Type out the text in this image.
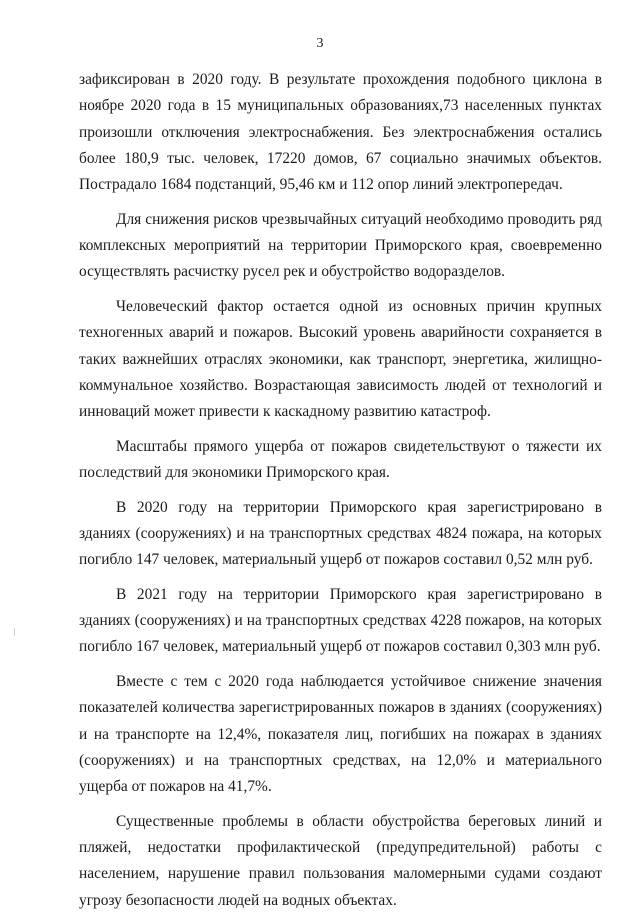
3

зафиксирован в 2020 году. В результате прохождения подобного циклона в ноябре 2020 года в 15 муниципальных образованиях,73 населенных пунктах произошли отключения электроснабжения. Без электроснабжения остались более 180,9 тыс. человек, 17220 домов, 67 социально значимых объектов. Пострадало 1684 подстанций, 95,46 км и 112 опор линий электропередач.

Для снижения рисков чрезвычайных ситуаций необходимо проводить ряд комплексных мероприятий на территории Приморского края, своевременно осуществлять расчистку русел рек и обустройство водоразделов.

Человеческий фактор остается одной из основных причин крупных техногенных аварий и пожаров. Высокий уровень аварийности сохраняется в таких важнейших отраслях экономики, как транспорт, энергетика, жилищно-коммунальное хозяйство. Возрастающая зависимость людей от технологий и инноваций может привести к каскадному развитию катастроф.

Масштабы прямого ущерба от пожаров свидетельствуют о тяжести их последствий для экономики Приморского края.

В 2020 году на территории Приморского края зарегистрировано в зданиях (сооружениях) и на транспортных средствах 4824 пожара, на которых погибло 147 человек, материальный ущерб от пожаров составил 0,52 млн руб.

В 2021 году на территории Приморского края зарегистрировано в зданиях (сооружениях) и на транспортных средствах 4228 пожаров, на которых погибло 167 человек, материальный ущерб от пожаров составил 0,303 млн руб.

Вместе с тем с 2020 года наблюдается устойчивое снижение значения показателей количества зарегистрированных пожаров в зданиях (сооружениях) и на транспорте на 12,4%, показателя лиц, погибших на пожарах в зданиях (сооружениях) и на транспортных средствах, на 12,0% и материального ущерба от пожаров на 41,7%.

Существенные проблемы в области обустройства береговых линий и пляжей, недостатки профилактической (предупредительной) работы с населением, нарушение правил пользования маломерными судами создают угрозу безопасности людей на водных объектах.
